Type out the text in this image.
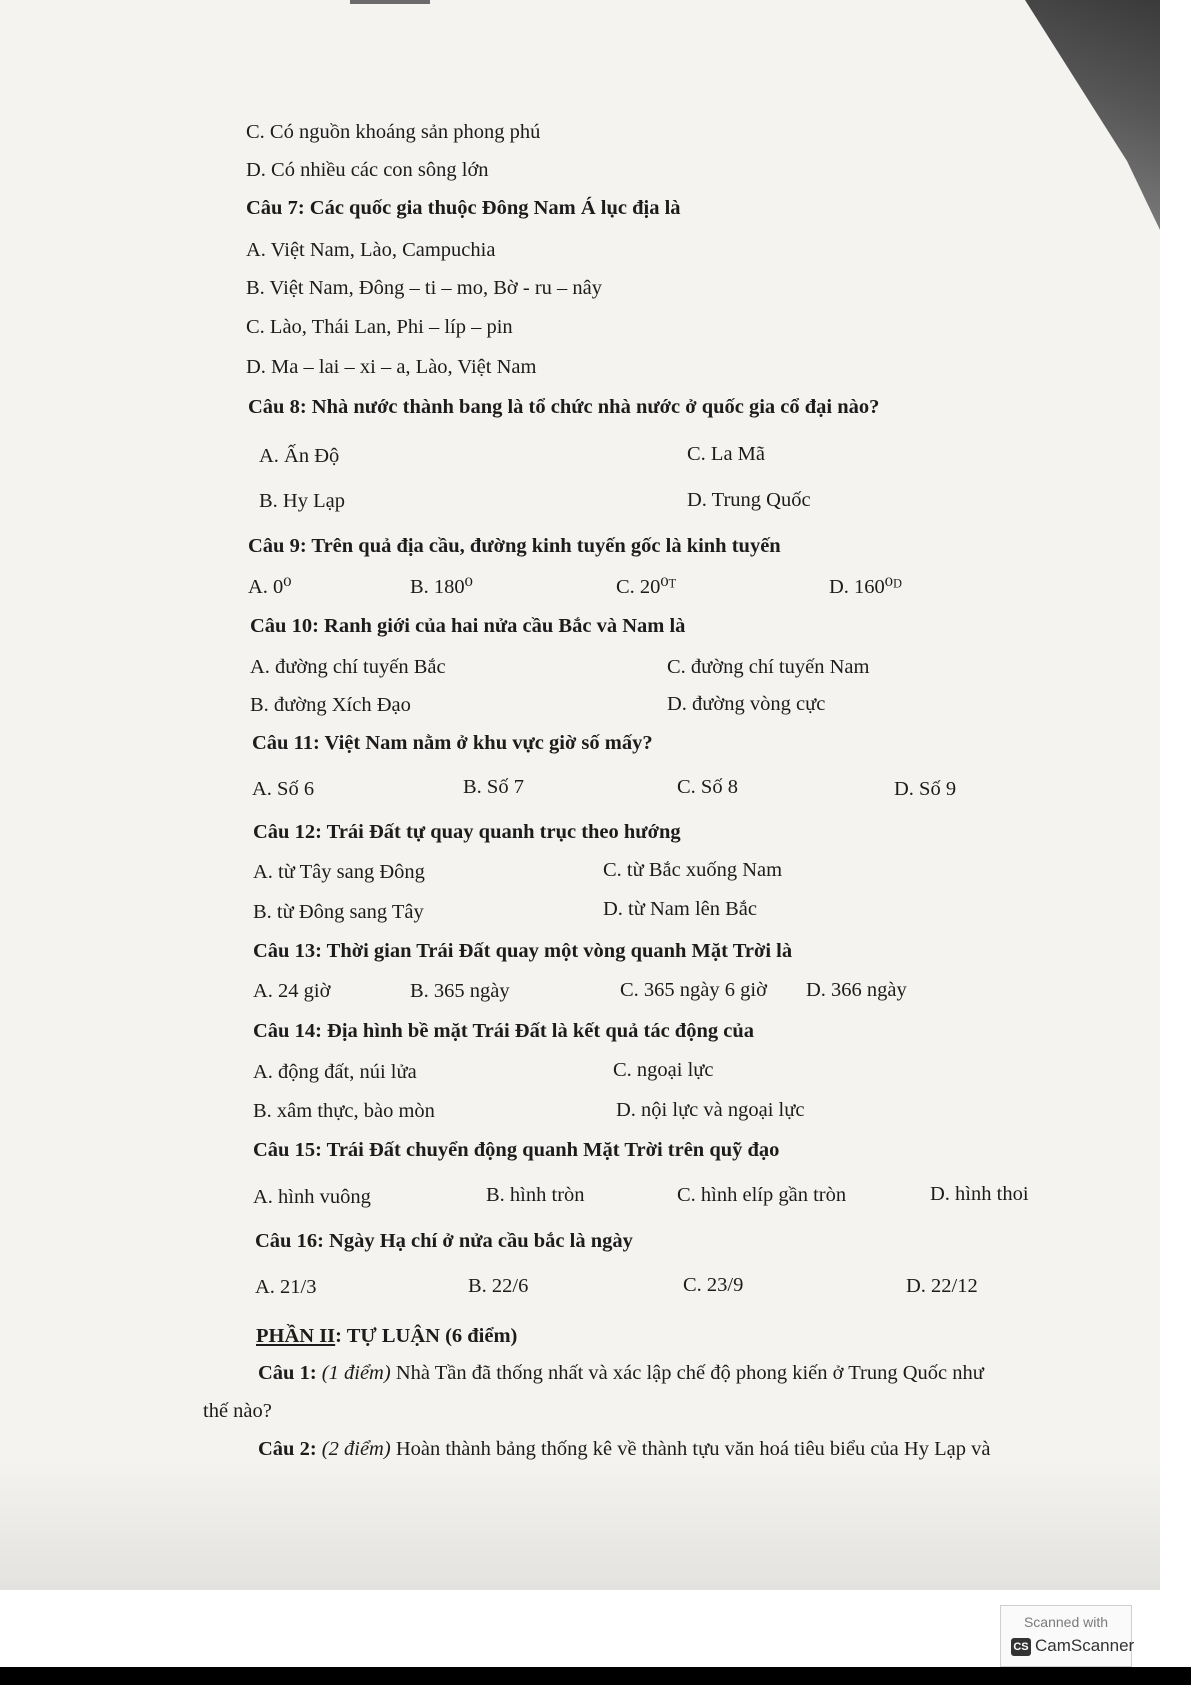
C. Có nguồn khoáng sản phong phú
D. Có nhiều các con sông lớn
Câu 7: Các quốc gia thuộc Đông Nam Á lục địa là
A. Việt Nam, Lào, Campuchia
B. Việt Nam, Đông – ti – mo, Bờ - ru – nây
C. Lào, Thái Lan, Phi – líp – pin
D. Ma – lai – xi – a, Lào, Việt Nam
Câu 8: Nhà nước thành bang là tổ chức nhà nước ở quốc gia cổ đại nào?
A. Ấn Độ	C. La Mã
B. Hy Lạp	D. Trung Quốc
Câu 9: Trên quả địa cầu, đường kinh tuyến gốc là kinh tuyến
A. 0⁰	B. 180⁰	C. 20⁰ᵀ	D. 160⁰ᴰ
Câu 10: Ranh giới của hai nửa cầu Bắc và Nam là
A. đường chí tuyến Bắc	C. đường chí tuyến Nam
B. đường Xích Đạo	D. đường vòng cực
Câu 11: Việt Nam nằm ở khu vực giờ số mấy?
A. Số 6	B. Số 7	C. Số 8	D. Số 9
Câu 12: Trái Đất tự quay quanh trục theo hướng
A. từ Tây sang Đông	C. từ Bắc xuống Nam
B. từ Đông sang Tây	D. từ Nam lên Bắc
Câu 13: Thời gian Trái Đất quay một vòng quanh Mặt Trời là
A. 24 giờ	B. 365 ngày	C. 365 ngày 6 giờ D. 366 ngày
Câu 14: Địa hình bề mặt Trái Đất là kết quả tác động của
A. động đất, núi lửa	C. ngoại lực
B. xâm thực, bào mòn	D. nội lực và ngoại lực
Câu 15: Trái Đất chuyển động quanh Mặt Trời trên quỹ đạo
A. hình vuông	B. hình tròn	C. hình elíp gần tròn	D. hình thoi
Câu 16: Ngày Hạ chí ở nửa cầu bắc là ngày
A. 21/3	B. 22/6	C. 23/9	D. 22/12
PHẦN II: TỰ LUẬN (6 điểm)
Câu 1: (1 điểm) Nhà Tần đã thống nhất và xác lập chế độ phong kiến ở Trung Quốc như
thế nào?
Câu 2: (2 điểm) Hoàn thành bảng thống kê về thành tựu văn hoá tiêu biểu của Hy Lạp và
Scanned with
CS CamScanner
